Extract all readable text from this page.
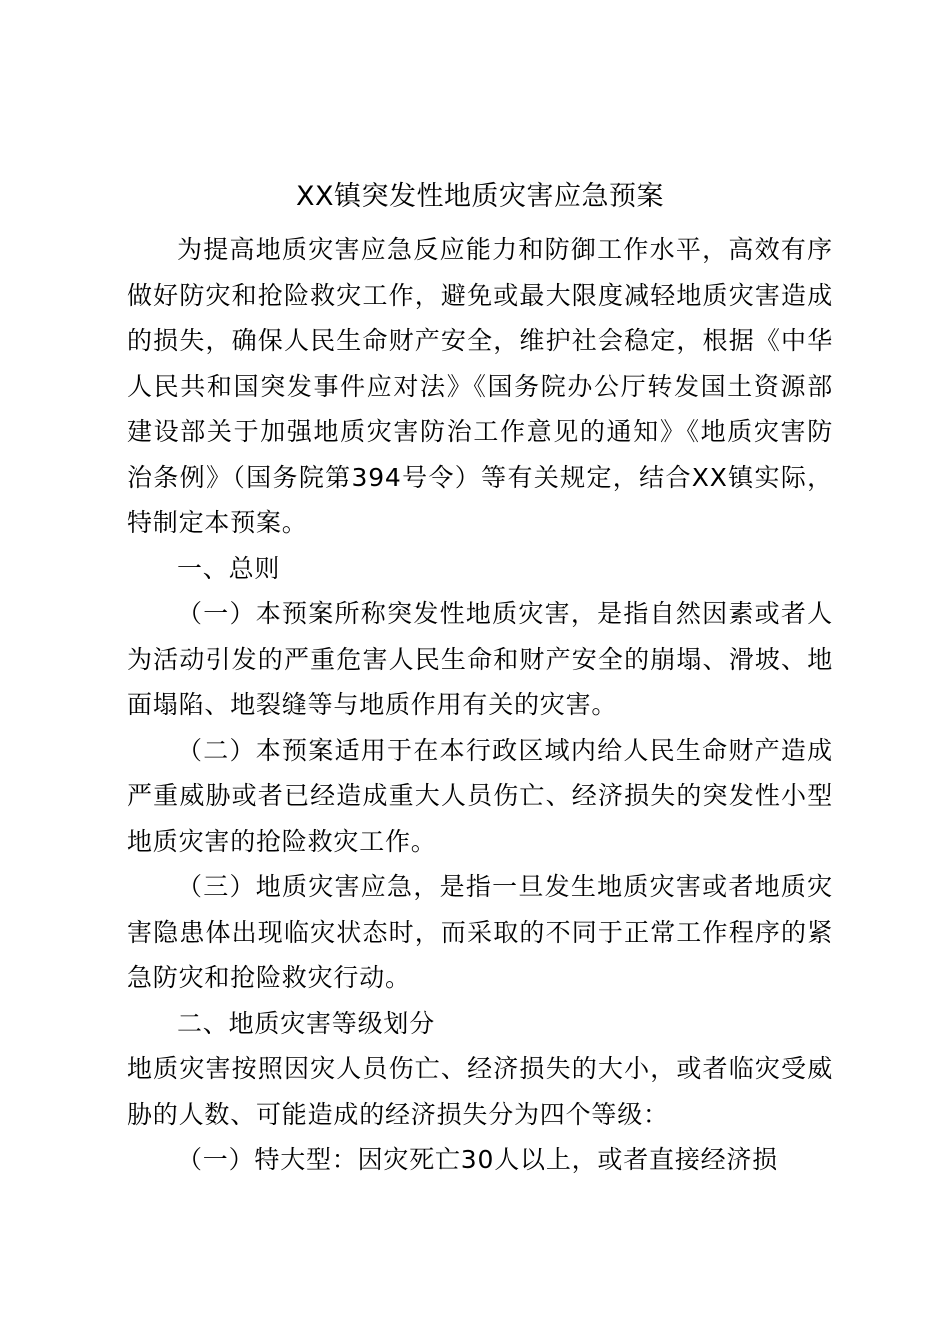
XX镇突发性地质灾害应急预案

为提高地质灾害应急反应能力和防御工作水平，高效有序做好防灾和抢险救灾工作，避免或最大限度减轻地质灾害造成的损失，确保人民生命财产安全，维护社会稳定，根据《中华人民共和国突发事件应对法》《国务院办公厅转发国土资源部建设部关于加强地质灾害防治工作意见的通知》《地质灾害防治条例》（国务院第394号令）等有关规定，结合XX镇实际，特制定本预案。

一、总则

（一）本预案所称突发性地质灾害，是指自然因素或者人为活动引发的严重危害人民生命和财产安全的崩塌、滑坡、地面塌陷、地裂缝等与地质作用有关的灾害。

（二）本预案适用于在本行政区域内给人民生命财产造成严重威胁或者已经造成重大人员伤亡、经济损失的突发性小型地质灾害的抢险救灾工作。

（三）地质灾害应急，是指一旦发生地质灾害或者地质灾害隐患体出现临灾状态时，而采取的不同于正常工作程序的紧急防灾和抢险救灾行动。

二、地质灾害等级划分

地质灾害按照因灾人员伤亡、经济损失的大小，或者临灾受威胁的人数、可能造成的经济损失分为四个等级：

（一）特大型：因灾死亡30人以上，或者直接经济损
